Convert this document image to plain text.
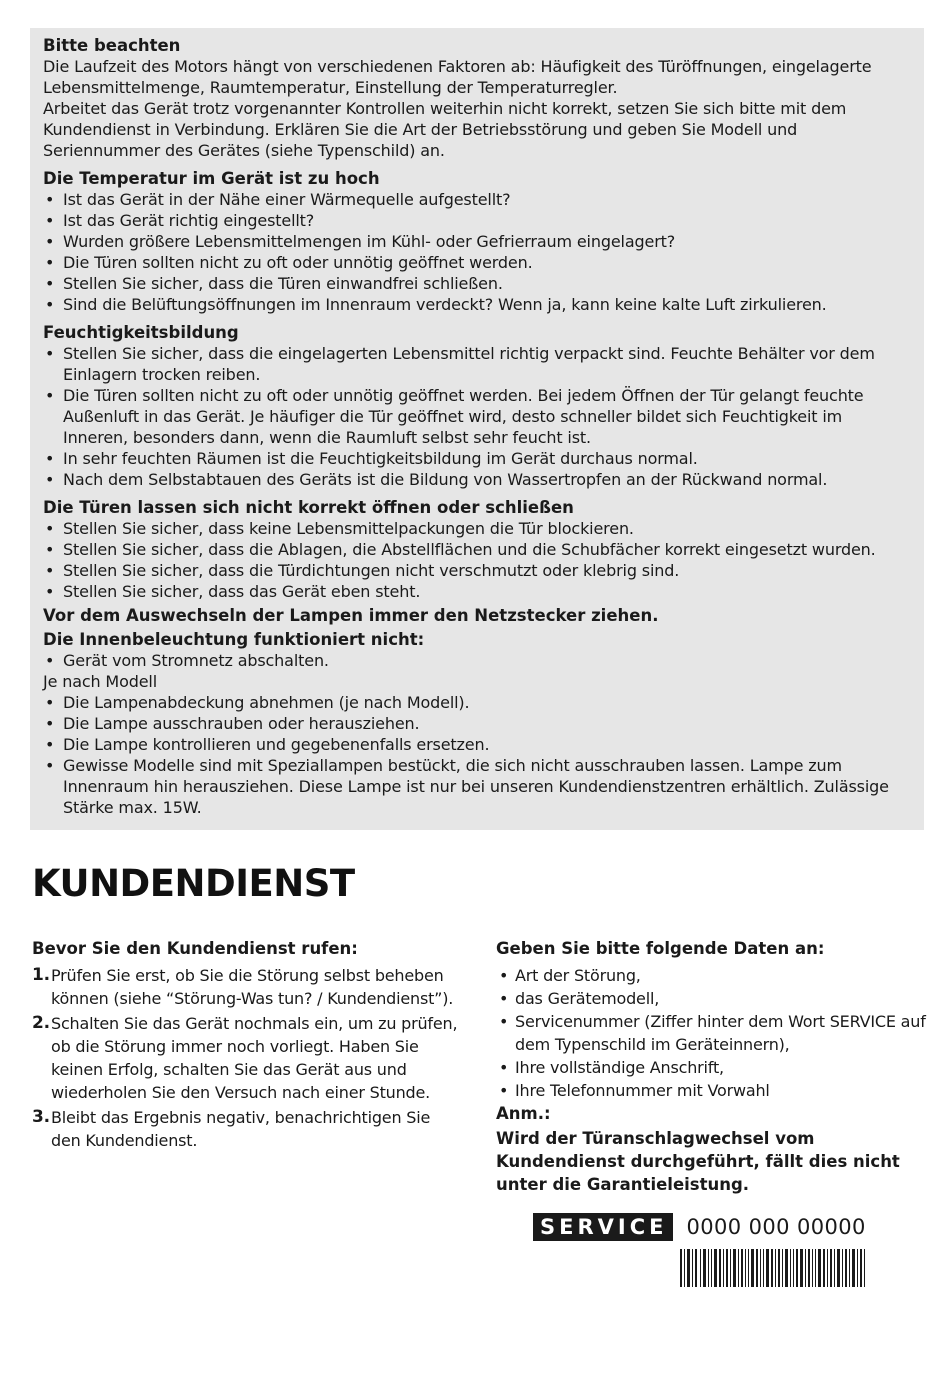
Bitte beachten

Die Laufzeit des Motors hängt von verschiedenen Faktoren ab: Häufigkeit des Türöffnungen, eingelagerte Lebensmittelmenge, Raumtemperatur, Einstellung der Temperaturregler.

Arbeitet das Gerät trotz vorgenannter Kontrollen weiterhin nicht korrekt, setzen Sie sich bitte mit dem Kundendienst in Verbindung. Erklären Sie die Art der Betriebsstörung und geben Sie Modell und Seriennummer des Gerätes (siehe Typenschild) an.

Die Temperatur im Gerät ist zu hoch
• Ist das Gerät in der Nähe einer Wärmequelle aufgestellt?
• Ist das Gerät richtig eingestellt?
• Wurden größere Lebensmittelmengen im Kühl- oder Gefrierraum eingelagert?
• Die Türen sollten nicht zu oft oder unnötig geöffnet werden.
• Stellen Sie sicher, dass die Türen einwandfrei schließen.
• Sind die Belüftungsöffnungen im Innenraum verdeckt? Wenn ja, kann keine kalte Luft zirkulieren.
Feuchtigkeitsbildung
• Stellen Sie sicher, dass die eingelagerten Lebensmittel richtig verpackt sind. Feuchte Behälter vor dem Einlagern trocken reiben.
• Die Türen sollten nicht zu oft oder unnötig geöffnet werden. Bei jedem Öffnen der Tür gelangt feuchte Außenluft in das Gerät. Je häufiger die Tür geöffnet wird, desto schneller bildet sich Feuchtigkeit im Inneren, besonders dann, wenn die Raumluft selbst sehr feucht ist.
• In sehr feuchten Räumen ist die Feuchtigkeitsbildung im Gerät durchaus normal.
• Nach dem Selbstabtauen des Geräts ist die Bildung von Wassertropfen an der Rückwand normal.
Die Türen lassen sich nicht korrekt öffnen oder schließen
• Stellen Sie sicher, dass keine Lebensmittelpackungen die Tür blockieren.
• Stellen Sie sicher, dass die Ablagen, die Abstellflächen und die Schubfächer korrekt eingesetzt wurden.
• Stellen Sie sicher, dass die Türdichtungen nicht verschmutzt oder klebrig sind.
• Stellen Sie sicher, dass das Gerät eben steht.
Vor dem Auswechseln der Lampen immer den Netzstecker ziehen.
Die Innenbeleuchtung funktioniert nicht:
• Gerät vom Stromnetz abschalten.

Je nach Modell

• Die Lampenabdeckung abnehmen (je nach Modell).
• Die Lampe ausschrauben oder herausziehen.
• Die Lampe kontrollieren und gegebenenfalls ersetzen.
• Gewisse Modelle sind mit Speziallampen bestückt, die sich nicht ausschrauben lassen. Lampe zum Innenraum hin herausziehen. Diese Lampe ist nur bei unseren Kundendienstzentren erhältlich. Zulässige Stärke max. 15W.
KUNDENDIENST
Bevor Sie den Kundendienst rufen:
1. Prüfen Sie erst, ob Sie die Störung selbst beheben können (siehe “Störung-Was tun? / Kundendienst”).
2. Schalten Sie das Gerät nochmals ein, um zu prüfen, ob die Störung immer noch vorliegt. Haben Sie keinen Erfolg, schalten Sie das Gerät aus und wiederholen Sie den Versuch nach einer Stunde.
3. Bleibt das Ergebnis negativ, benachrichtigen Sie den Kundendienst.
Geben Sie bitte folgende Daten an:
• Art der Störung,
• das Gerätemodell,
• Servicenummer (Ziffer hinter dem Wort SERVICE auf dem Typenschild im Geräteinnern),
• Ihre vollständige Anschrift,
• Ihre Telefonnummer mit Vorwahl
Anm.:
Wird der Türanschlagwechsel vom Kundendienst durchgeführt, fällt dies nicht unter die Garantieleistung.
SERVICE 0000 000 00000
